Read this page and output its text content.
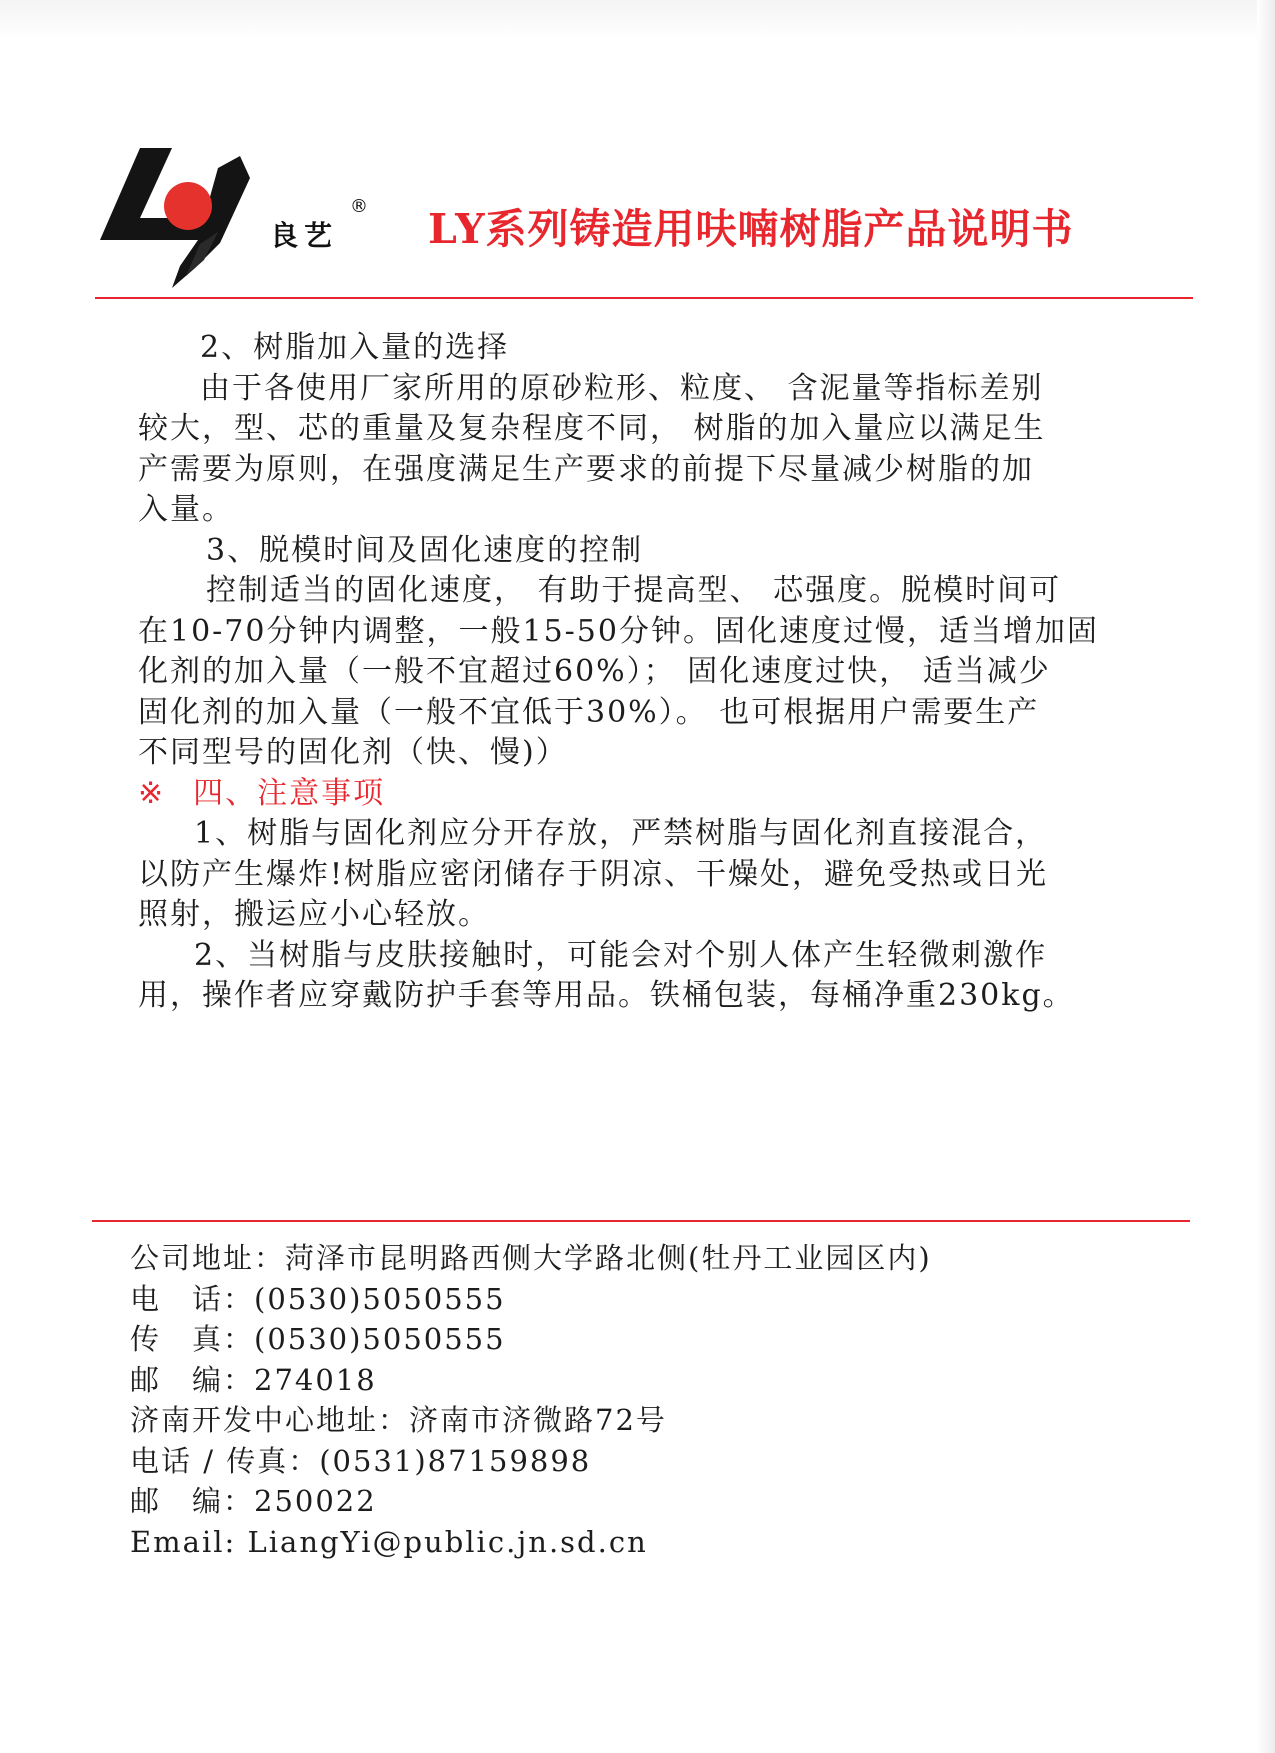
良艺
® LY系列铸造用呋喃树脂产品说明书

2、树脂加入量的选择

由于各使用厂家所用的原砂粒形、粒度、 含泥量等指标差别

较大，型、芯的重量及复杂程度不同， 树脂的加入量应以满足生

产需要为原则，在强度满足生产要求的前提下尽量减少树脂的加

入量。

3、脱模时间及固化速度的控制

控制适当的固化速度， 有助于提高型、 芯强度。脱模时间可

在10-70分钟内调整，一般15-50分钟。固化速度过慢，适当增加固

化剂的加入量（一般不宜超过60%）； 固化速度过快， 适当减少

固化剂的加入量（一般不宜低于30%）。 也可根据用户需要生产

不同型号的固化剂（快、慢)）

※ 四、注意事项

1、树脂与固化剂应分开存放，严禁树脂与固化剂直接混合，

以防产生爆炸!树脂应密闭储存于阴凉、干燥处，避免受热或日光

照射，搬运应小心轻放。

2、当树脂与皮肤接触时，可能会对个别人体产生轻微刺激作

用，操作者应穿戴防护手套等用品。铁桶包装，每桶净重230kg。

公司地址：菏泽市昆明路西侧大学路北侧(牡丹工业园区内)
电　话：(0530)5050555
传　真：(0530)5050555
邮　编：274018
济南开发中心地址：济南市济微路72号
电话 / 传真：(0531)87159898
邮　编：250022
Email: LiangYi@public.jn.sd.cn
